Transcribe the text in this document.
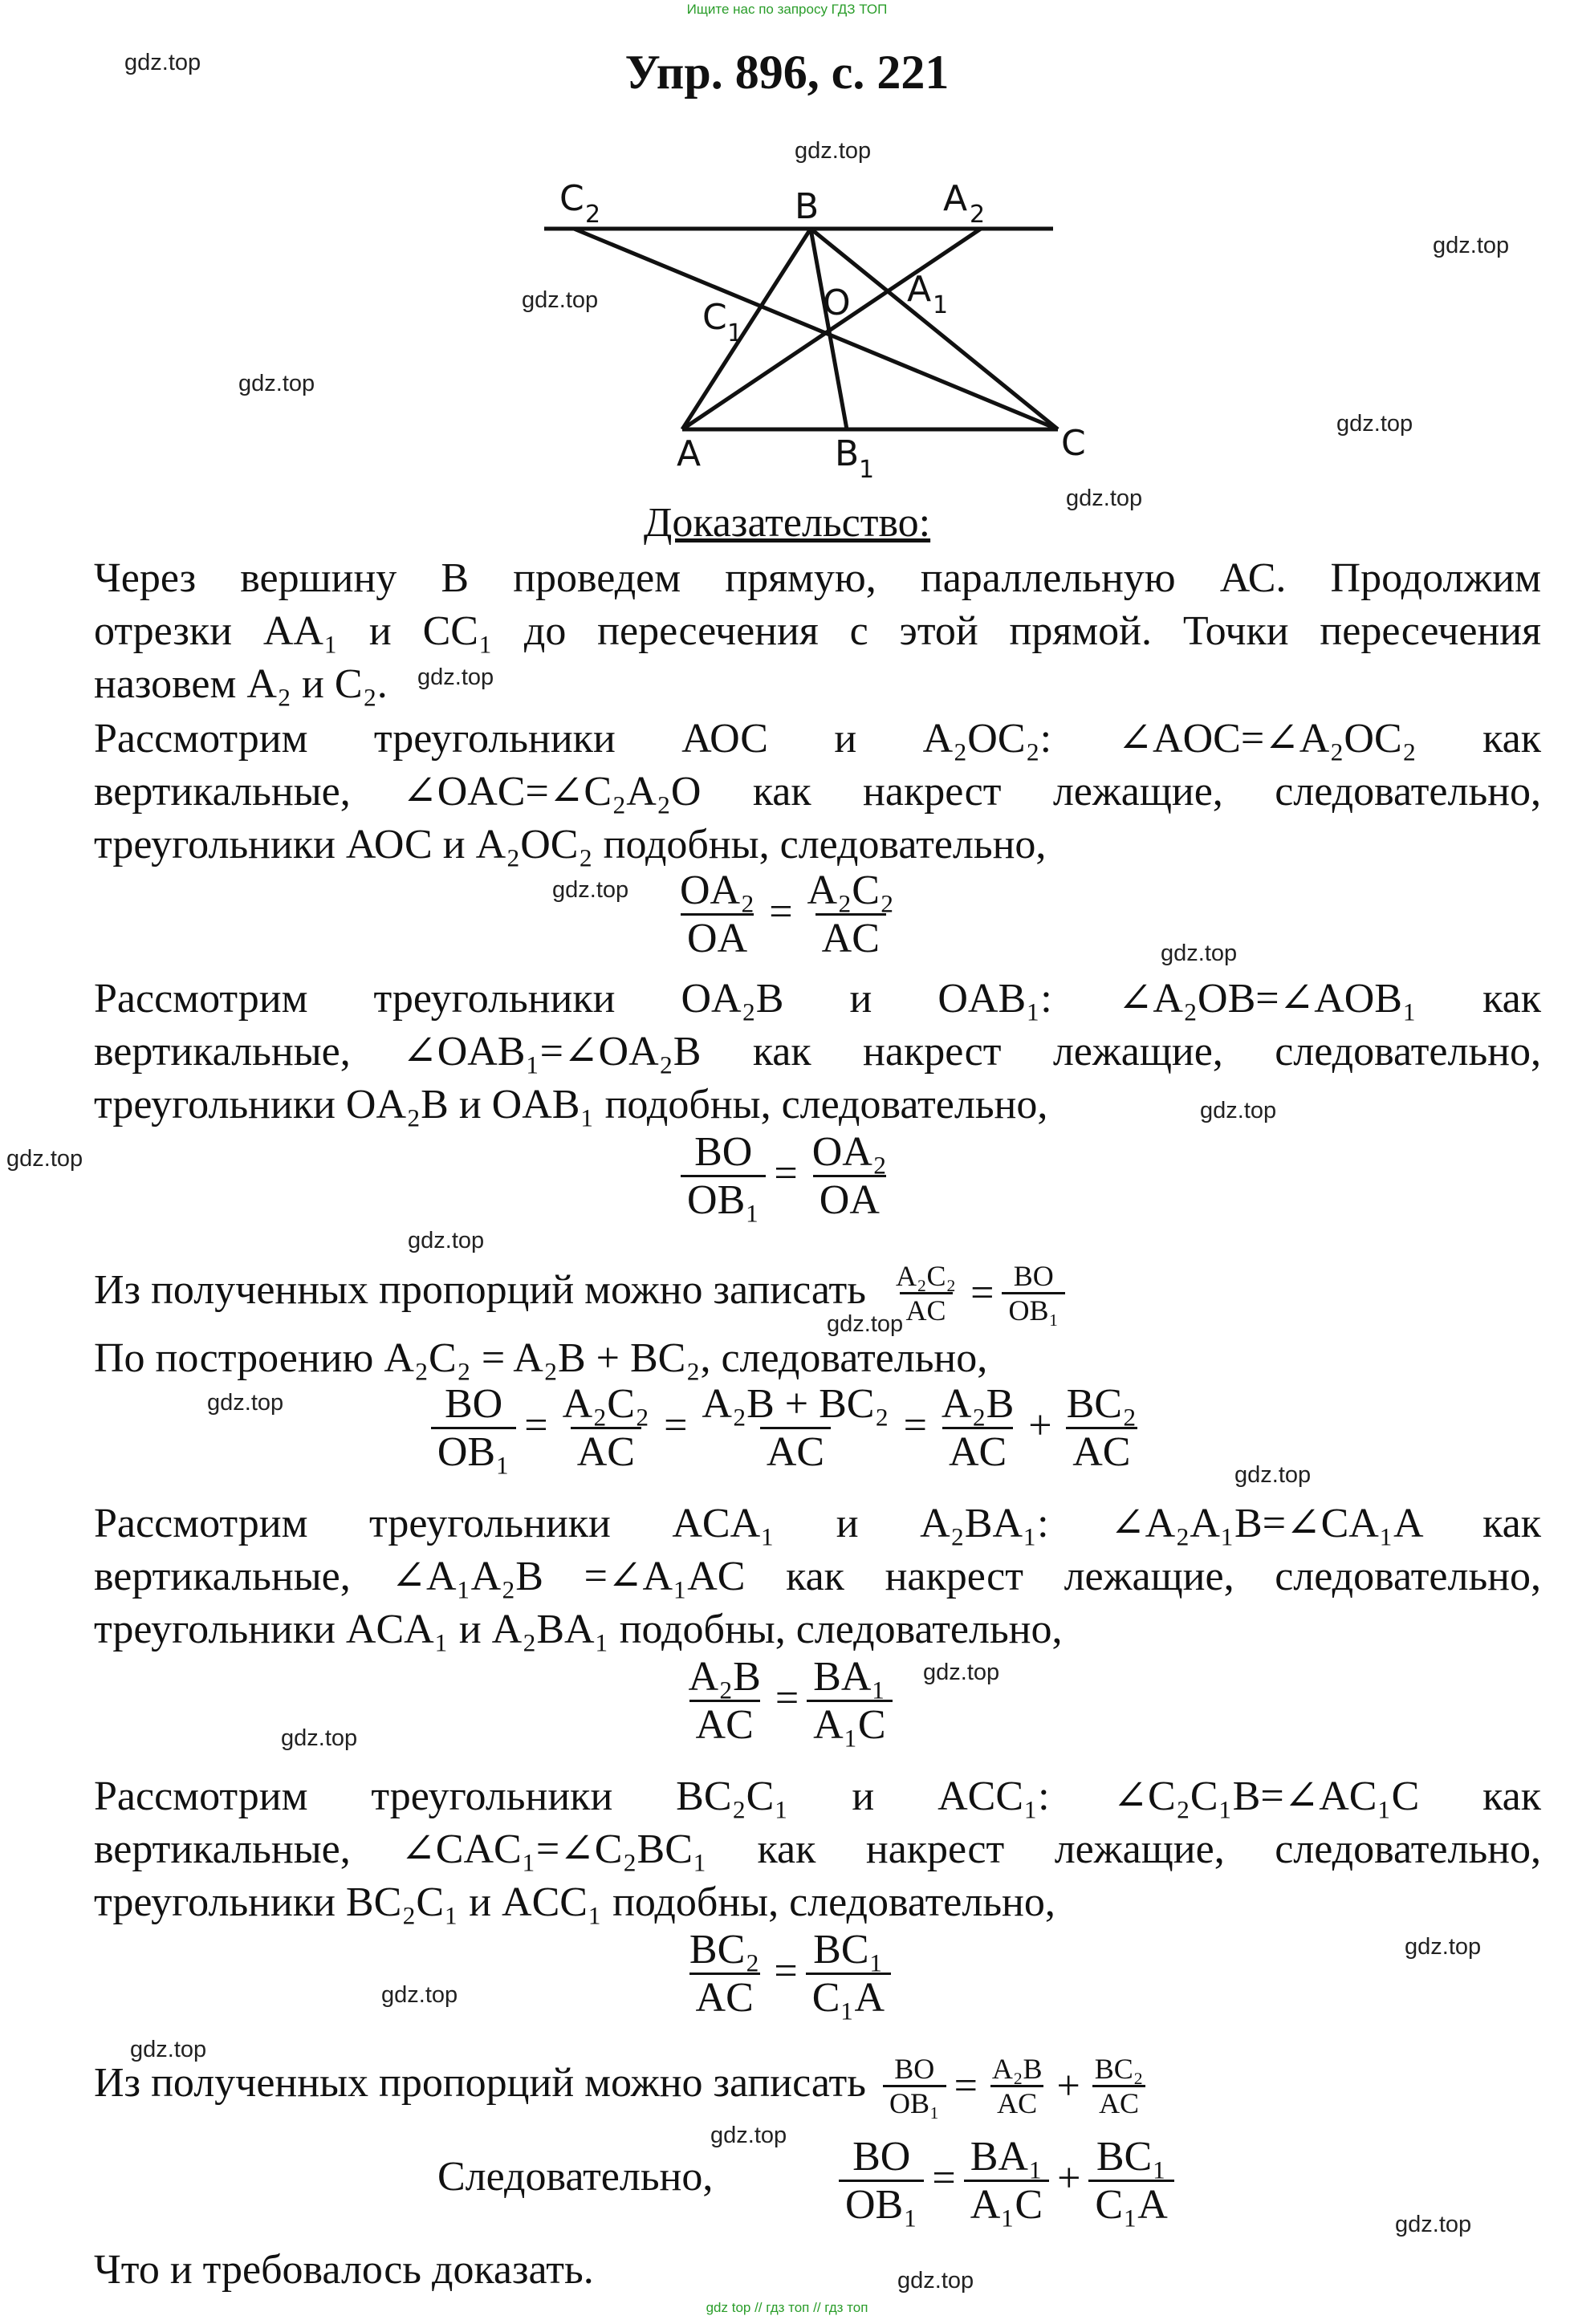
Ищите нас по запросу ГДЗ ТОП
Упр. 896, с. 221
gdz.top
gdz.top
gdz.top
gdz.top
gdz.top
gdz.top
gdz.top
gdz.top
gdz.top
gdz.top
gdz.top
gdz.top
gdz.top
gdz.top
gdz.top
gdz.top
gdz.top
gdz.top
gdz.top
gdz.top
gdz.top
gdz.top
gdz.top
gdz.top
C 2	B	A 2
O A 1
C 1
A	B 1
C
Доказательство:
Через вершину В проведем прямую, параллельную АС. Продолжим
отрезки AA₁ и CC₁ до пересечения с этой прямой. Точки пересечения
назовем A₂ и C₂.
Рассмотрим треугольники АОС и A₂OC₂: ∠AOC=∠A₂OC₂ как
вертикальные, ∠OAC=∠C₂A₂O как накрест лежащие, следовательно,
треугольники АОС и A₂OC₂ подобны, следовательно,
$\frac{\text{OA₂}}{OA} = \frac{\text{A₂C₂}}{AC}$
Рассмотрим треугольники OA₂B и OAB₁: ∠A₂OB=∠AOB₁ как
вертикальные, ∠OAB₁=∠OA₂B как накрест лежащие, следовательно,
треугольники OA₂B и OAB₁ подобны, следовательно,
$\frac{BO}{\text{OB₁}} = \frac{\text{OA₂}}{OA}$
Из полученных пропорций можно записать $\frac{\text{A₂C₂}}{AC} = \frac{BO}{\text{OB₁}}$
По построению A₂C₂ = A₂B + BC₂, следовательно,
$\frac{BO}{\text{OB₁}} = \frac{\text{A₂C₂}}{AC} = \frac{\text{A₂B + BC₂}}{AC} = \frac{\text{A₂B}}{AC} + \frac{\text{BC₂}}{AC}$
Рассмотрим треугольники ACA₁ и A₂BA₁: ∠A₂A₁B=∠CA₁A как
вертикальные, ∠A₁A₂B =∠A₁AC как накрест лежащие, следовательно,
треугольники ACA₁ и A₂BA₁ подобны, следовательно,
$\frac{\text{A₂B}}{AC} = \frac{\text{BA₁}}{\text{A₁C}}$
Рассмотрим треугольники BC₂C₁ и ACC₁: ∠C₂C₁B=∠AC₁C как
вертикальные, ∠CAC₁=∠C₂BC₁ как накрест лежащие, следовательно,
треугольники BC₂C₁ и ACC₁ подобны, следовательно,
$\frac{\text{BC₂}}{AC} = \frac{\text{BC₁}}{\text{C₁A}}$
Из полученных пропорций можно записать $\frac{BO}{\text{OB₁}} = \frac{\text{A₂B}}{AC} + \frac{\text{BC₂}}{AC}$
Следовательно,	$\frac{BO}{\text{OB₁}} = \frac{\text{BA₁}}{\text{A₁C}} + \frac{\text{BC₁}}{\text{C₁A}}$
Что и требовалось доказать.
gdz top // гдз топ // гдз топ
